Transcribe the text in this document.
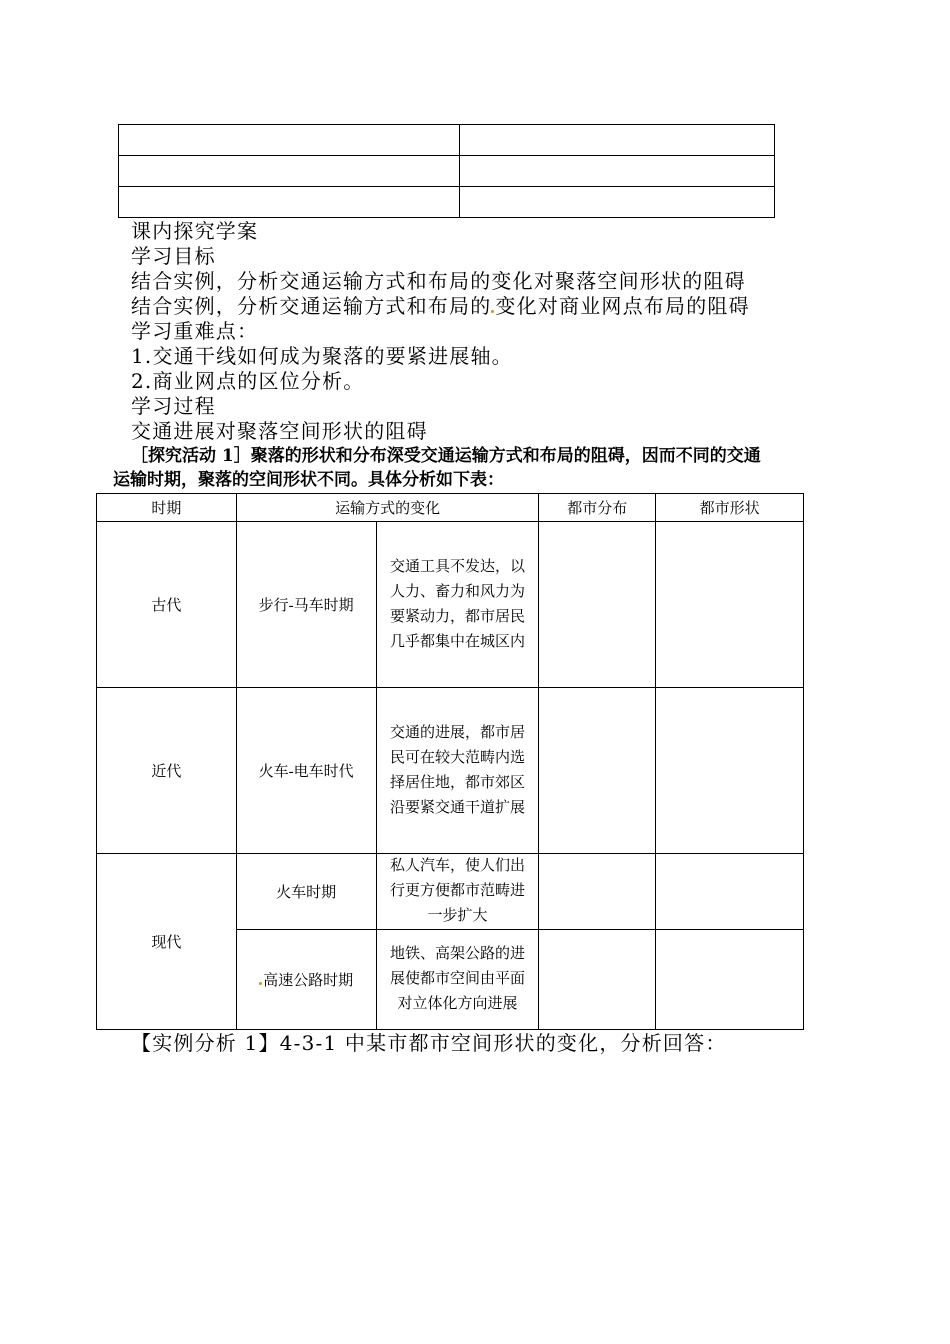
课内探究学案
学习目标
结合实例，分析交通运输方式和布局的变化对聚落空间形状的阻碍
结合实例，分析交通运输方式和布局的 变化对商业网点布局的阻碍
学习重难点：
1.交通干线如何成为聚落的要紧进展轴。
2.商业网点的区位分析。
学习过程
交通进展对聚落空间形状的阻碍
［探究活动 1］聚落的形状和分布深受交通运输方式和布局的阻碍，因而不同的交通
运输时期，聚落的空间形状不同。具体分析如下表：
时期	运输方式的变化		都市分布	都市形状
古代	步行-马车时期	交通工具不发达，以人力、畜力和风力为要紧动力，都市居民几乎都集中在城区内		
近代	火车-电车时代	交通的进展，都市居民可在较大范畴内选择居住地，都市郊区沿要紧交通干道扩展		
现代	火车时期	私人汽车，使人们出行更方便都市范畴进一步扩大		
	高速公路时期	地铁、高架公路的进展使都市空间由平面对立体化方向进展		
【实例分析 1】4-3-1 中某市都市空间形状的变化，分析回答：
